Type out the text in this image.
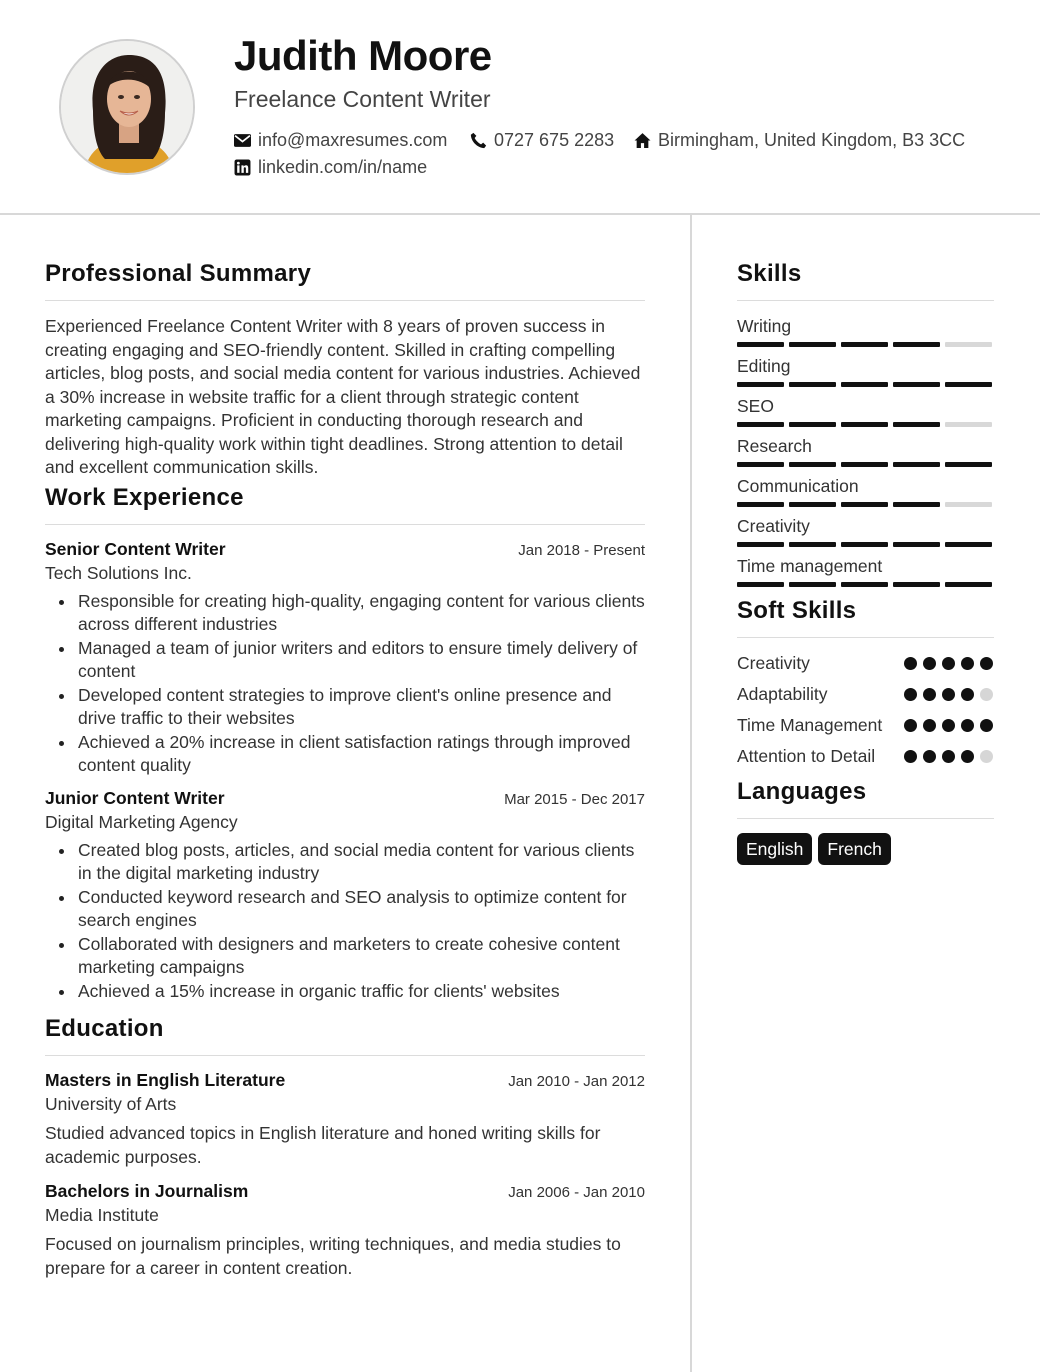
Judith Moore
Freelance Content Writer
info@maxresumes.com	0727 675 2283 Birmingham, United Kingdom, B3 3CC
linkedin.com/in/name
Professional Summary

Experienced Freelance Content Writer with 8 years of proven success in creating engaging and SEO-friendly content. Skilled in crafting compelling articles, blog posts, and social media content for various industries. Achieved a 30% increase in website traffic for a client through strategic content marketing campaigns. Proficient in conducting thorough research and delivering high-quality work within tight deadlines. Strong attention to detail and excellent communication skills.

Work Experience
Senior Content Writer	Jan 2018 - Present
Tech Solutions Inc.
Responsible for creating high-quality, engaging content for various clients across different industries
Managed a team of junior writers and editors to ensure timely delivery of content
Developed content strategies to improve client's online presence and drive traffic to their websites
Achieved a 20% increase in client satisfaction ratings through improved content quality
Junior Content Writer	Mar 2015 - Dec 2017
Digital Marketing Agency
Created blog posts, articles, and social media content for various clients in the digital marketing industry
Conducted keyword research and SEO analysis to optimize content for search engines
Collaborated with designers and marketers to create cohesive content marketing campaigns
Achieved a 15% increase in organic traffic for clients' websites
Education
Masters in English Literature	Jan 2010 - Jan 2012
University of Arts

Studied advanced topics in English literature and honed writing skills for academic purposes.

Bachelors in Journalism	Jan 2006 - Jan 2010
Media Institute

Focused on journalism principles, writing techniques, and media studies to prepare for a career in content creation.

Skills
Writing
Editing
SEO
Research
Communication
Creativity
Time management
Soft Skills
Creativity
Adaptability
Time Management
Attention to Detail
Languages
English	French
